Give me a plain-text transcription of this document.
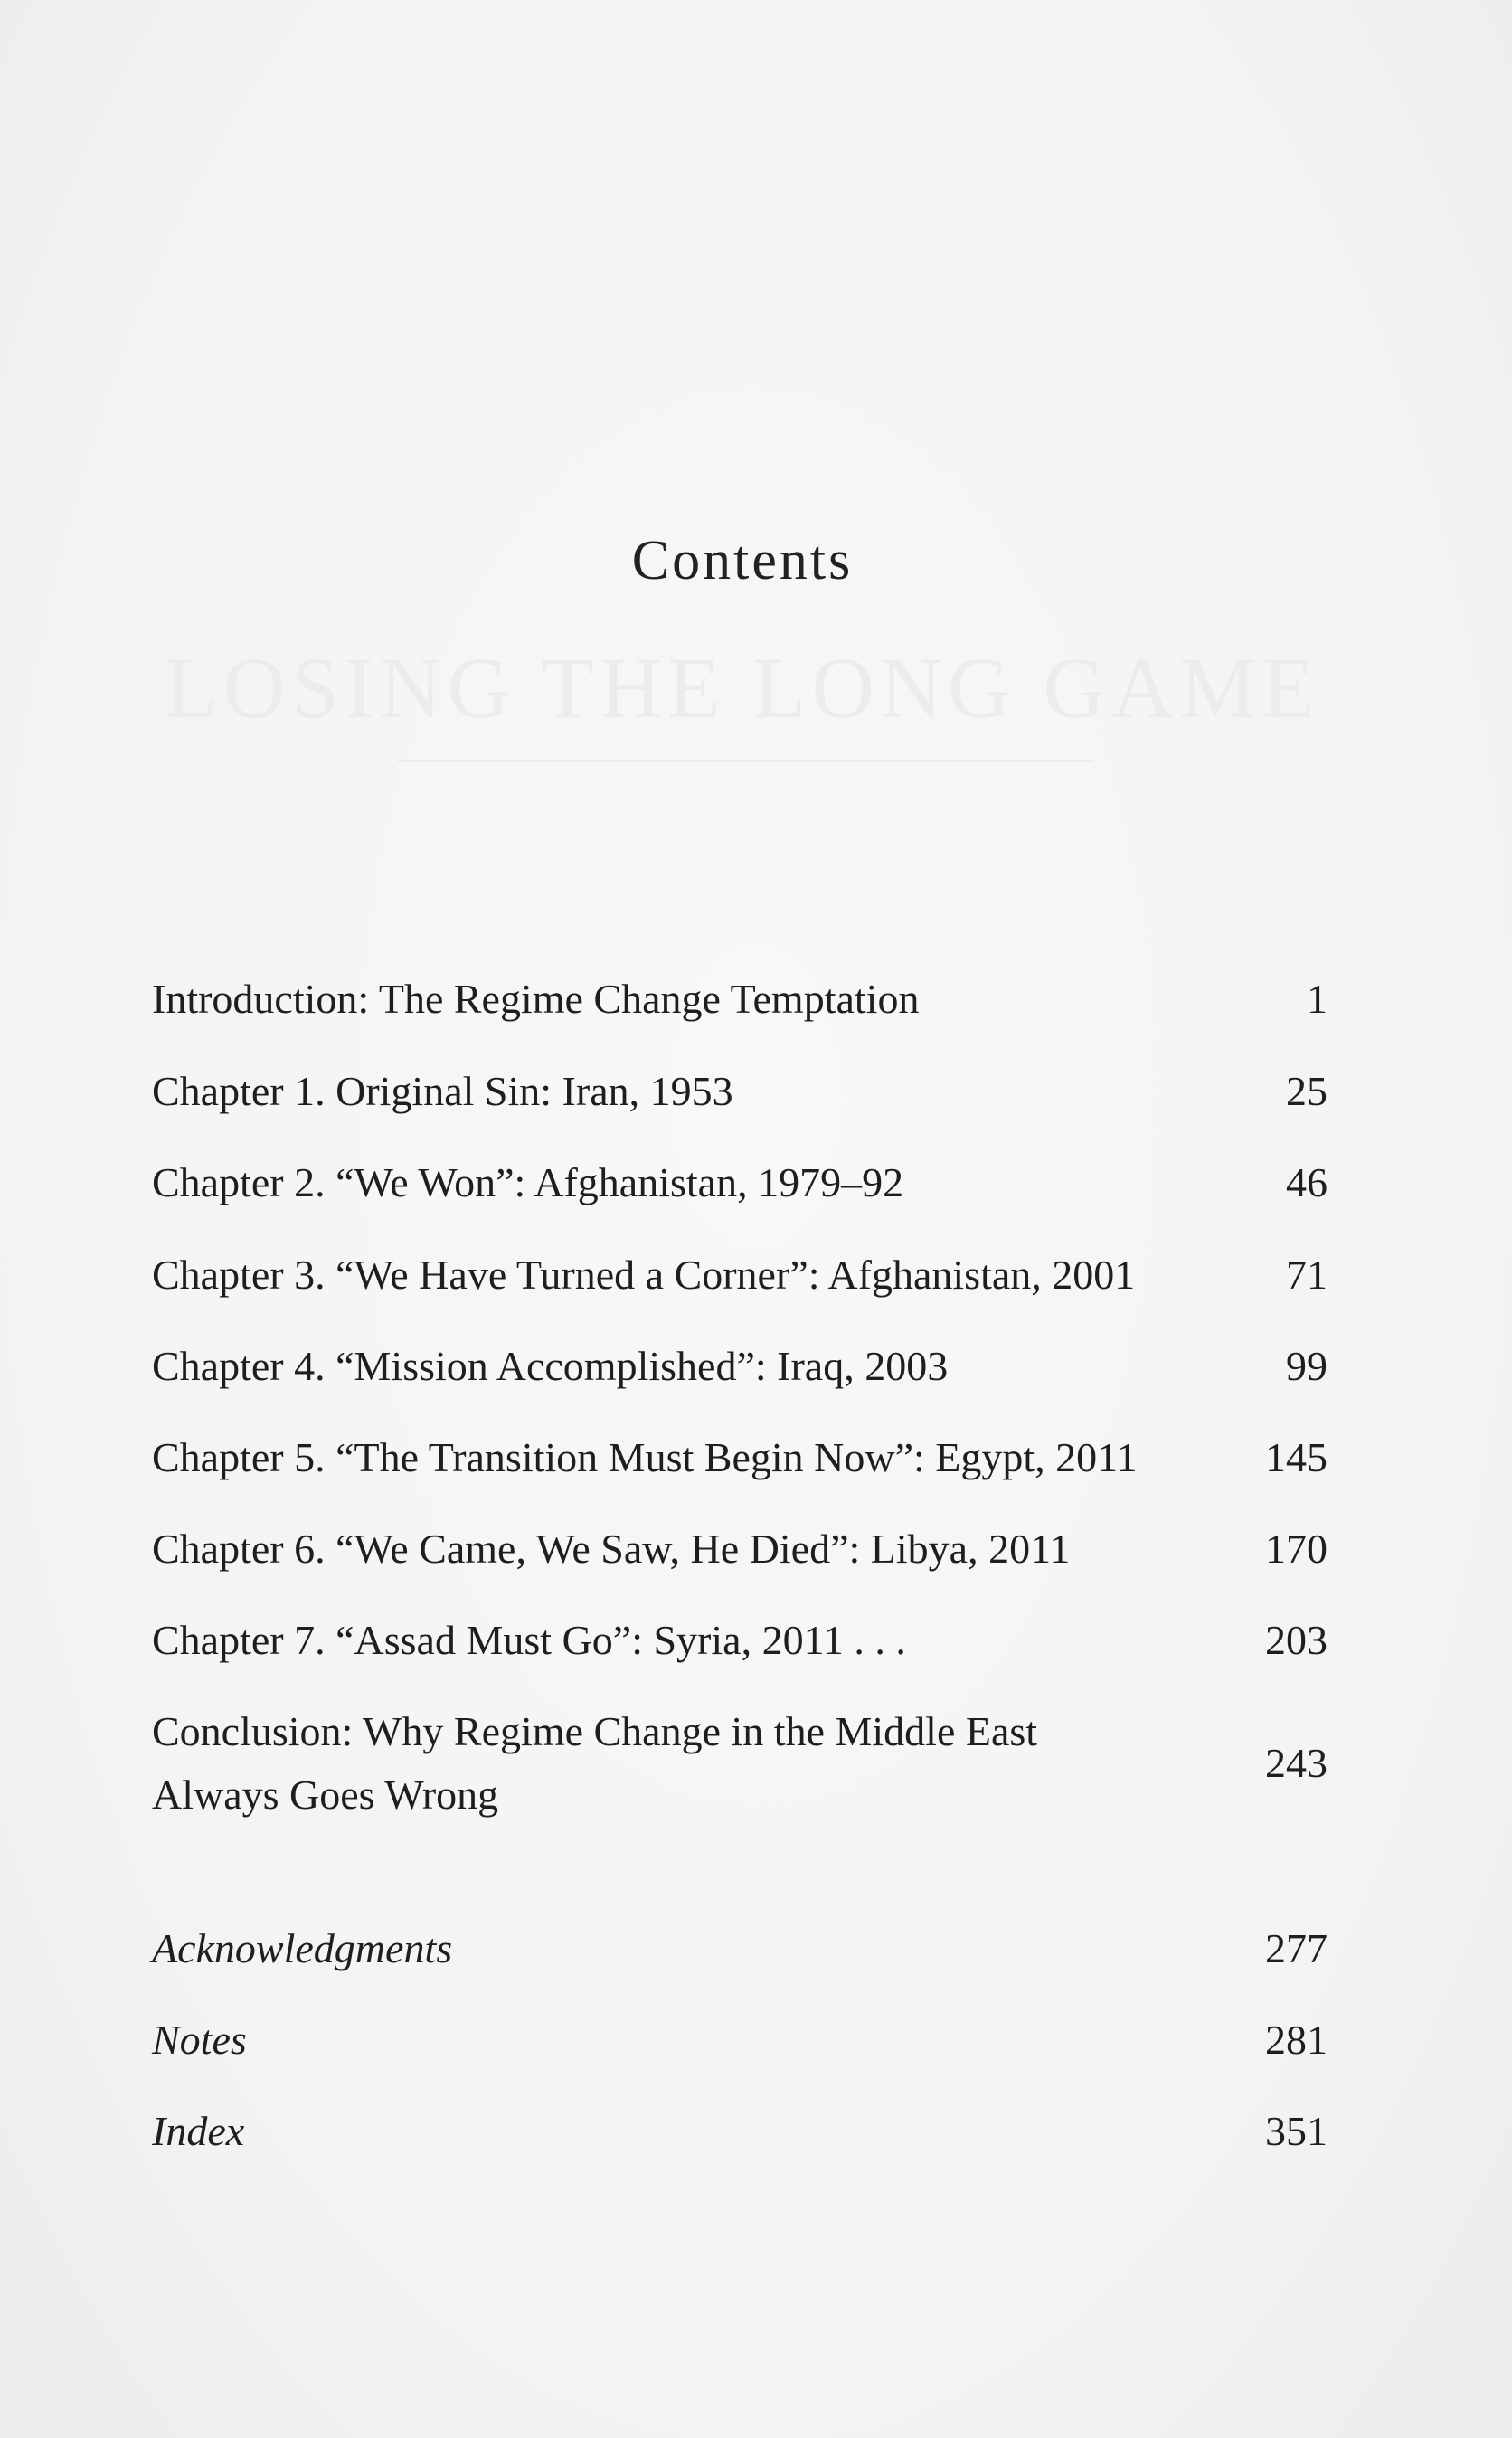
LOSING THE LONG GAME
Contents
Introduction: The Regime Change Temptation	1
Chapter 1. Original Sin: Iran, 1953	25
Chapter 2. “We Won”: Afghanistan, 1979–92	46
Chapter 3. “We Have Turned a Corner”: Afghanistan, 2001	71
Chapter 4. “Mission Accomplished”: Iraq, 2003	99
Chapter 5. “The Transition Must Begin Now”: Egypt, 2011	145
Chapter 6. “We Came, We Saw, He Died”: Libya, 2011	170
Chapter 7. “Assad Must Go”: Syria, 2011 . . .	203
Conclusion: Why Regime Change in the Middle East
Always Goes Wrong
243
Acknowledgments	277
Notes	281
Index	351
